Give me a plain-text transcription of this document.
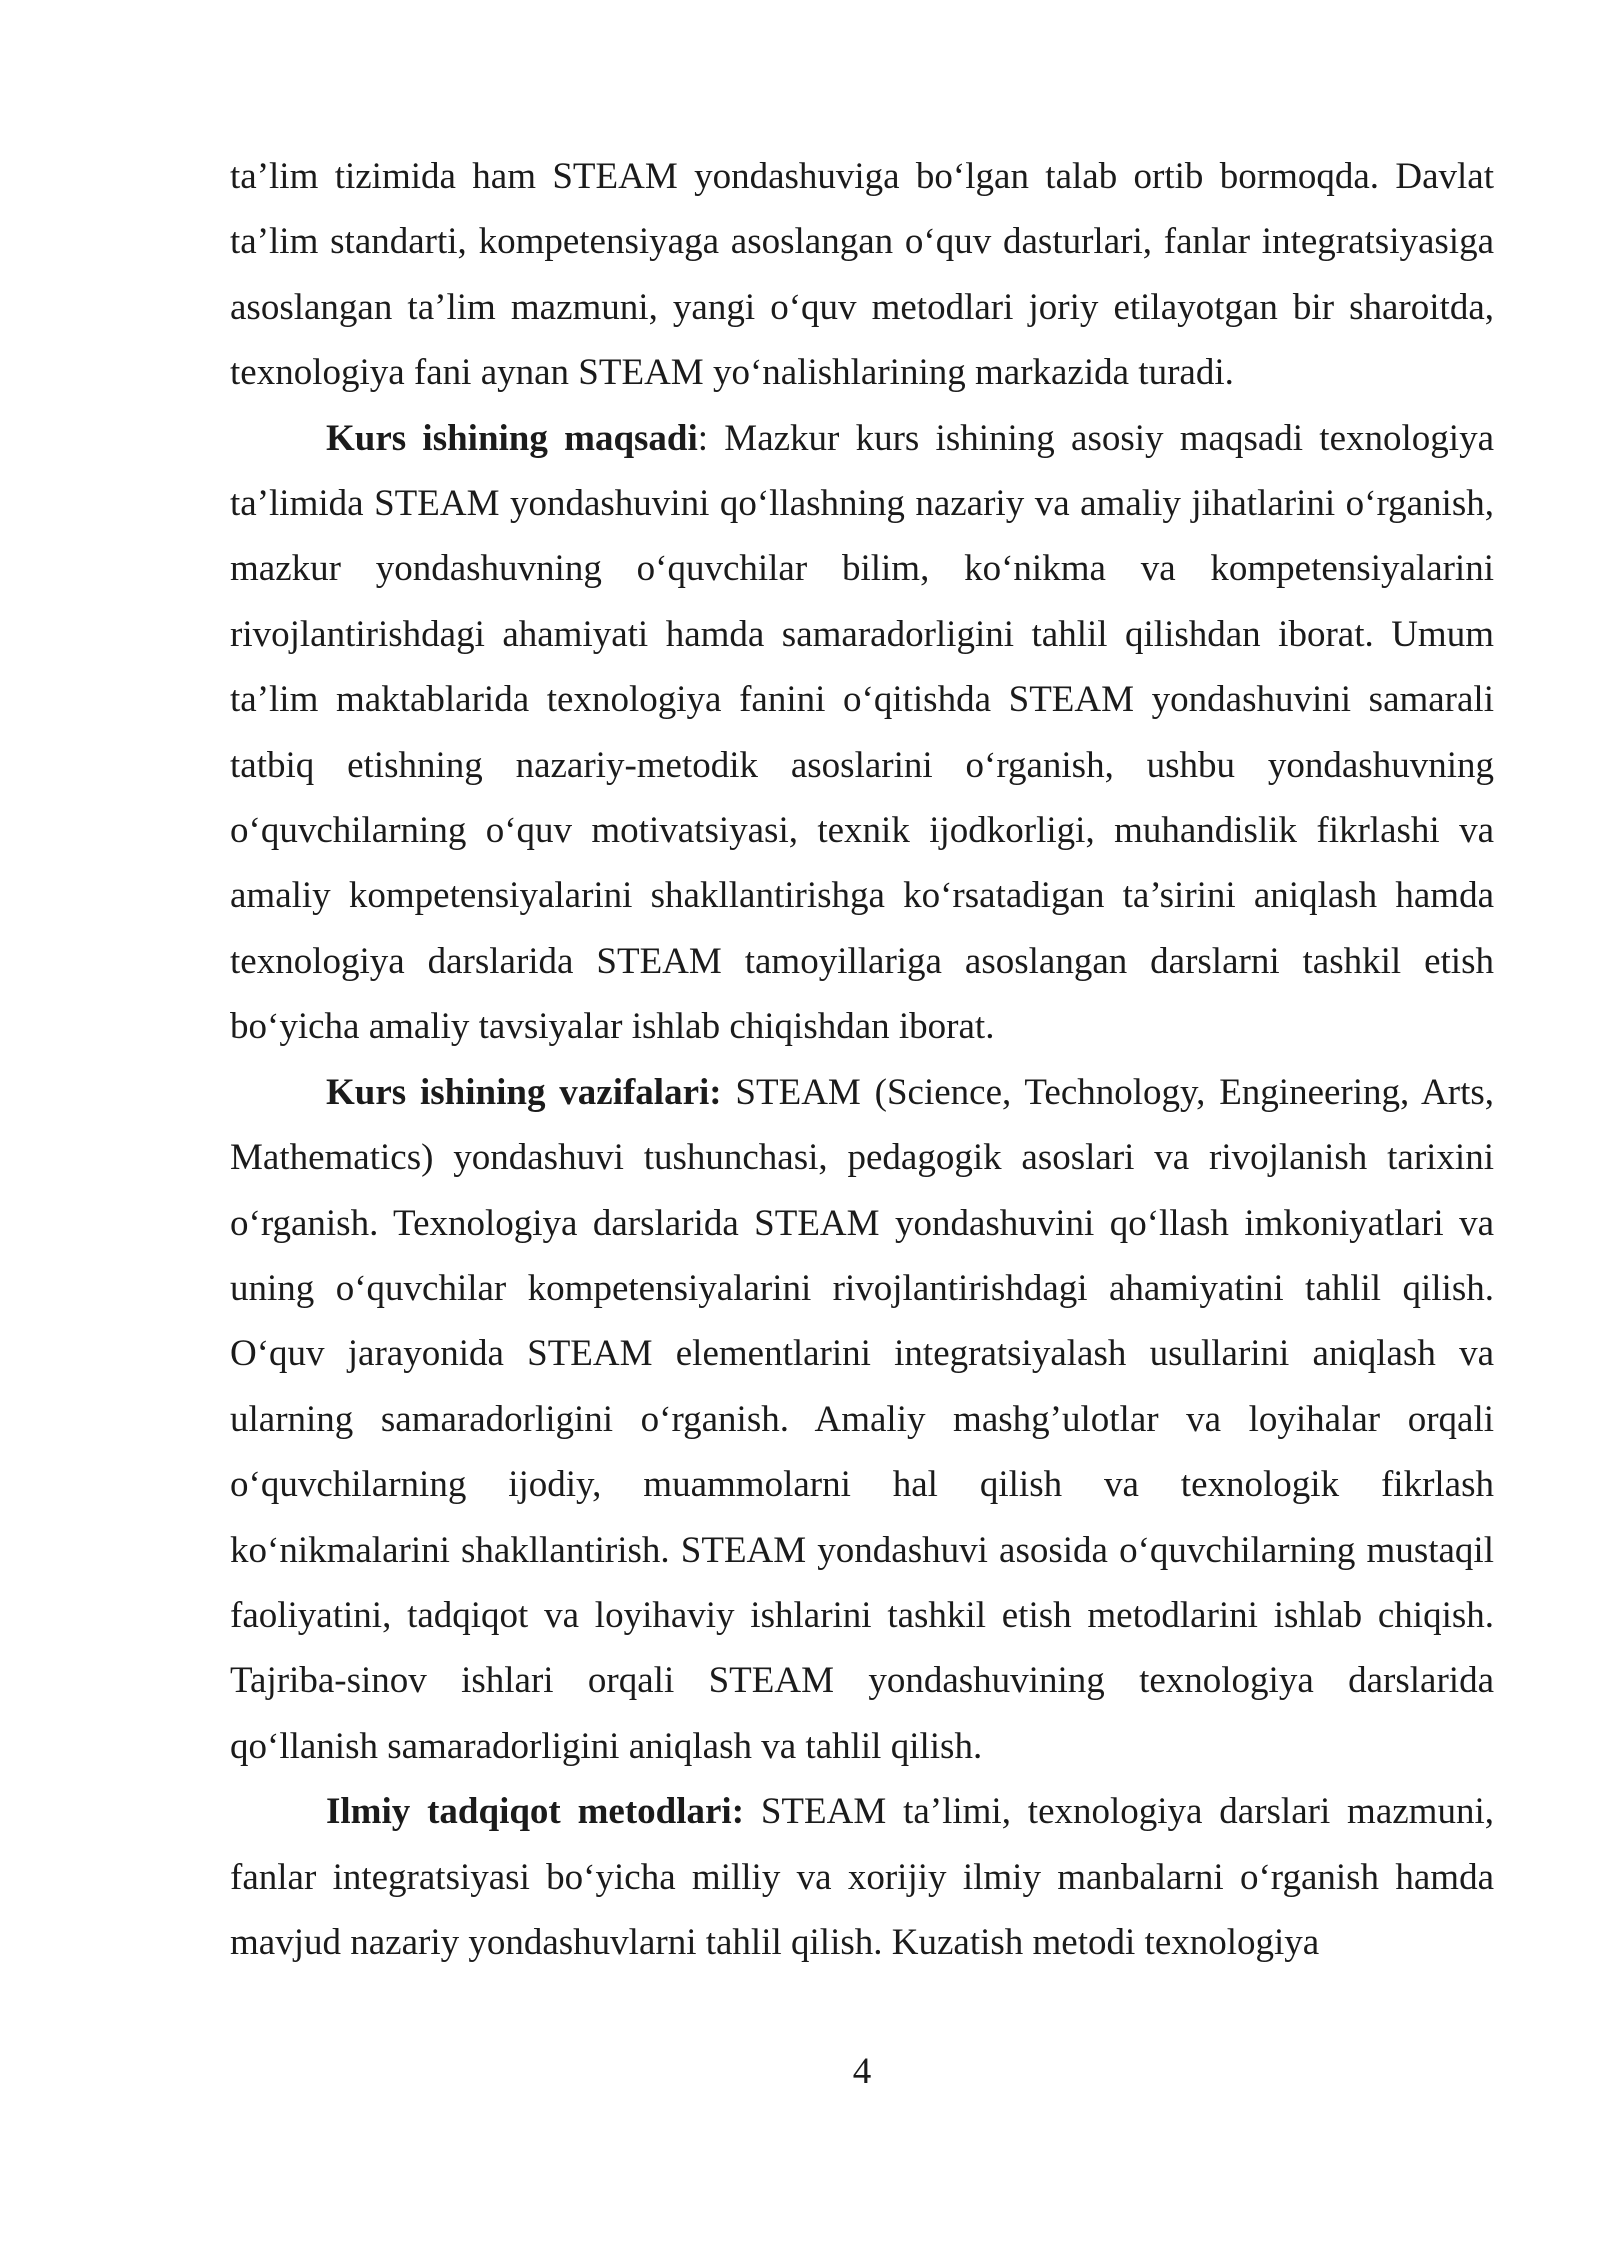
ta’lim tizimida ham STEAM yondashuviga bo‘lgan talab ortib bormoqda. Davlat ta’lim standarti, kompetensiyaga asoslangan o‘quv dasturlari, fanlar integratsiyasiga asoslangan ta’lim mazmuni, yangi o‘quv metodlari joriy etilayotgan bir sharoitda, texnologiya fani aynan STEAM yo‘nalishlarining markazida turadi.

Kurs ishining maqsadi: Mazkur kurs ishining asosiy maqsadi texnologiya ta’limida STEAM yondashuvini qo‘llashning nazariy va amaliy jihatlarini o‘rganish, mazkur yondashuvning o‘quvchilar bilim, ko‘nikma va kompetensiyalarini rivojlantirishdagi ahamiyati hamda samaradorligini tahlil qilishdan iborat. Umum ta’lim maktablarida texnologiya fanini o‘qitishda STEAM yondashuvini samarali tatbiq etishning nazariy-metodik asoslarini o‘rganish, ushbu yondashuvning o‘quvchilarning o‘quv motivatsiyasi, texnik ijodkorligi, muhandislik fikrlashi va amaliy kompetensiyalarini shakllantirishga ko‘rsatadigan ta’sirini aniqlash hamda texnologiya darslarida STEAM tamoyillariga asoslangan darslarni tashkil etish bo‘yicha amaliy tavsiyalar ishlab chiqishdan iborat.

Kurs ishining vazifalari: STEAM (Science, Technology, Engineering, Arts, Mathematics) yondashuvi tushunchasi, pedagogik asoslari va rivojlanish tarixini o‘rganish. Texnologiya darslarida STEAM yondashuvini qo‘llash imkoniyatlari va uning o‘quvchilar kompetensiyalarini rivojlantirishdagi ahamiyatini tahlil qilish. O‘quv jarayonida STEAM elementlarini integratsiyalash usullarini aniqlash va ularning samaradorligini o‘rganish. Amaliy mashg’ulotlar va loyihalar orqali o‘quvchilarning ijodiy, muammolarni hal qilish va texnologik fikrlash ko‘nikmalarini shakllantirish. STEAM yondashuvi asosida o‘quvchilarning mustaqil faoliyatini, tadqiqot va loyihaviy ishlarini tashkil etish metodlarini ishlab chiqish. Tajriba-sinov ishlari orqali STEAM yondashuvining texnologiya darslarida qo‘llanish samaradorligini aniqlash va tahlil qilish.

Ilmiy tadqiqot metodlari: STEAM ta’limi, texnologiya darslari mazmuni, fanlar integratsiyasi bo‘yicha milliy va xorijiy ilmiy manbalarni o‘rganish hamda mavjud nazariy yondashuvlarni tahlil qilish. Kuzatish metodi texnologiya

4
